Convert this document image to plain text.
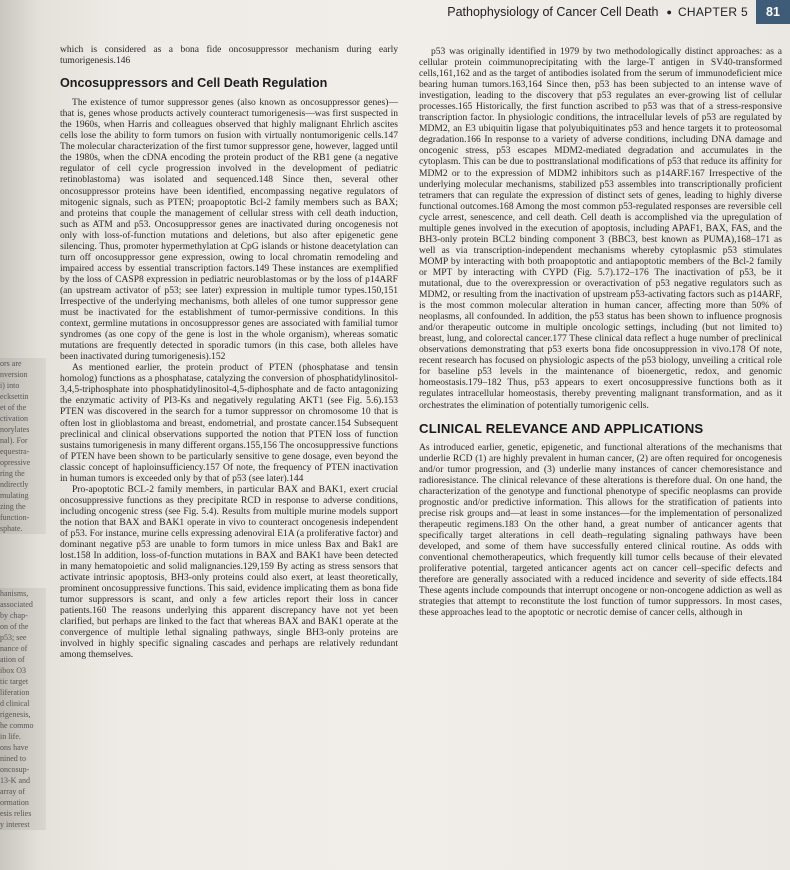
Pathophysiology of Cancer Cell Death ● CHAPTER 5	81
ors are
nversion
i) into
ecksettin
et of the
ctivation
norylates
nal). For
equestra-
opressive
ring the
ndirectly
mulating
zing the
function-
sphate.
hanisms,
associated
by chap-
on of the
p53; see
nance of
ation of
ibox O3
tic target
liferation
d clinical
rigenesis,
he commo
in life.
ons have
nined to
oncosup-
13-K and
array of
ormation
esis relies
y interest

which is considered as a bona fide oncosuppressor mechanism during early tumorigenesis.146

Oncosuppressors and Cell Death Regulation

The existence of tumor suppressor genes (also known as oncosuppressor genes)—that is, genes whose products actively counteract tumorigenesis—was first suspected in the 1960s, when Harris and colleagues observed that highly malignant Ehrlich ascites cells lose the ability to form tumors on fusion with virtually nontumorigenic cells.147 The molecular characterization of the first tumor suppressor gene, however, lagged until the 1980s, when the cDNA encoding the protein product of the RB1 gene (a negative regulator of cell cycle progression involved in the development of pediatric retinoblastoma) was isolated and sequenced.148 Since then, several other oncosuppressor proteins have been identified, encompassing negative regulators of mitogenic signals, such as PTEN; proapoptotic Bcl-2 family members such as BAX; and proteins that couple the management of cellular stress with cell death induction, such as ATM and p53. Oncosuppressor genes are inactivated during oncogenesis not only with loss-of-function mutations and deletions, but also after epigenetic gene silencing. Thus, promoter hypermethylation at CpG islands or histone deacetylation can turn off oncosuppressor gene expression, owing to local chromatin remodeling and impaired access by essential transcription factors.149 These instances are exemplified by the loss of CASP8 expression in pediatric neuroblastomas or by the loss of p14ARF (an upstream activator of p53; see later) expression in multiple tumor types.150,151 Irrespective of the underlying mechanisms, both alleles of one tumor suppressor gene must be inactivated for the establishment of tumor-permissive conditions. In this context, germline mutations in oncosuppressor genes are associated with familial tumor syndromes (as one copy of the gene is lost in the whole organism), whereas somatic mutations are frequently detected in sporadic tumors (in this case, both alleles have been inactivated during tumorigenesis).152

As mentioned earlier, the protein product of PTEN (phosphatase and tensin homolog) functions as a phosphatase, catalyzing the conversion of phosphatidylinositol-3,4,5-triphosphate into phosphatidylinositol-4,5-diphosphate and de facto antagonizing the enzymatic activity of PI3-Ks and negatively regulating AKT1 (see Fig. 5.6).153 PTEN was discovered in the search for a tumor suppressor on chromosome 10 that is often lost in glioblastoma and breast, endometrial, and prostate cancer.154 Subsequent preclinical and clinical observations supported the notion that PTEN loss of function sustains tumorigenesis in many different organs.155,156 The oncosuppressive functions of PTEN have been shown to be particularly sensitive to gene dosage, even beyond the classic concept of haploinsufficiency.157 Of note, the frequency of PTEN inactivation in human tumors is exceeded only by that of p53 (see later).144

Pro-apoptotic BCL-2 family members, in particular BAX and BAK1, exert crucial oncosuppressive functions as they precipitate RCD in response to adverse conditions, including oncogenic stress (see Fig. 5.4). Results from multiple murine models support the notion that BAX and BAK1 operate in vivo to counteract oncogenesis independent of p53. For instance, murine cells expressing adenoviral E1A (a proliferative factor) and dominant negative p53 are unable to form tumors in mice unless Bax and Bak1 are lost.158 In addition, loss-of-function mutations in BAX and BAK1 have been detected in many hematopoietic and solid malignancies.129,159 By acting as stress sensors that activate intrinsic apoptosis, BH3-only proteins could also exert, at least theoretically, prominent oncosuppressive functions. This said, evidence implicating them as bona fide tumor suppressors is scant, and only a few articles report their loss in cancer patients.160 The reasons underlying this apparent discrepancy have not yet been clarified, but perhaps are linked to the fact that whereas BAX and BAK1 operate at the convergence of multiple lethal signaling pathways, single BH3-only proteins are involved in highly specific signaling cascades and perhaps are relatively redundant among themselves.

p53 was originally identified in 1979 by two methodologically distinct approaches: as a cellular protein coimmunoprecipitating with the large-T antigen in SV40-transformed cells,161,162 and as the target of antibodies isolated from the serum of immunodeficient mice bearing human tumors.163,164 Since then, p53 has been subjected to an intense wave of investigation, leading to the discovery that p53 regulates an ever-growing list of cellular processes.165 Historically, the first function ascribed to p53 was that of a stress-responsive transcription factor. In physiologic conditions, the intracellular levels of p53 are regulated by MDM2, an E3 ubiquitin ligase that polyubiquitinates p53 and hence targets it to proteosomal degradation.166 In response to a variety of adverse conditions, including DNA damage and oncogenic stress, p53 escapes MDM2-mediated degradation and accumulates in the cytoplasm. This can be due to posttranslational modifications of p53 that reduce its affinity for MDM2 or to the expression of MDM2 inhibitors such as p14ARF.167 Irrespective of the underlying molecular mechanisms, stabilized p53 assembles into transcriptionally proficient tetramers that can regulate the expression of distinct sets of genes, leading to highly diverse functional outcomes.168 Among the most common p53-regulated responses are reversible cell cycle arrest, senescence, and cell death. Cell death is accomplished via the upregulation of multiple genes involved in the execution of apoptosis, including APAF1, BAX, FAS, and the BH3-only protein BCL2 binding component 3 (BBC3, best known as PUMA),168–171 as well as via transcription-independent mechanisms whereby cytoplasmic p53 stimulates MOMP by interacting with both proapoptotic and antiapoptotic members of the Bcl-2 family or MPT by interacting with CYPD (Fig. 5.7).172–176 The inactivation of p53, be it mutational, due to the overexpression or overactivation of p53 negative regulators such as MDM2, or resulting from the inactivation of upstream p53-activating factors such as p14ARF, is the most common molecular alteration in human cancer, affecting more than 50% of neoplasms, all confounded. In addition, the p53 status has been shown to influence prognosis and/or therapeutic outcome in multiple oncologic settings, including (but not limited to) breast, lung, and colorectal cancer.177 These clinical data reflect a huge number of preclinical observations demonstrating that p53 exerts bona fide oncosuppression in vivo.178 Of note, recent research has focused on physiologic aspects of the p53 biology, unveiling a critical role for baseline p53 levels in the maintenance of bioenergetic, redox, and genomic homeostasis.179–182 Thus, p53 appears to exert oncosuppressive functions both as it regulates intracellular homeostasis, thereby preventing malignant transformation, and as it orchestrates the elimination of potentially tumorigenic cells.

CLINICAL RELEVANCE AND APPLICATIONS

As introduced earlier, genetic, epigenetic, and functional alterations of the mechanisms that underlie RCD (1) are highly prevalent in human cancer, (2) are often required for oncogenesis and/or tumor progression, and (3) underlie many instances of cancer chemoresistance and radioresistance. The clinical relevance of these alterations is therefore dual. On one hand, the characterization of the genotype and functional phenotype of specific neoplasms can provide prognostic and/or predictive information. This allows for the stratification of patients into precise risk groups and—at least in some instances—for the implementation of personalized therapeutic regimens.183 On the other hand, a great number of anticancer agents that specifically target alterations in cell death–regulating signaling pathways have been developed, and some of them have successfully entered clinical routine. As odds with conventional chemotherapeutics, which frequently kill tumor cells because of their elevated proliferative potential, targeted anticancer agents act on cancer cell–specific defects and therefore are generally associated with a reduced incidence and severity of side effects.184 These agents include compounds that interrupt oncogene or non-oncogene addiction as well as strategies that attempt to reconstitute the lost function of tumor suppressors. In most cases, these approaches lead to the apoptotic or necrotic demise of cancer cells, although in
